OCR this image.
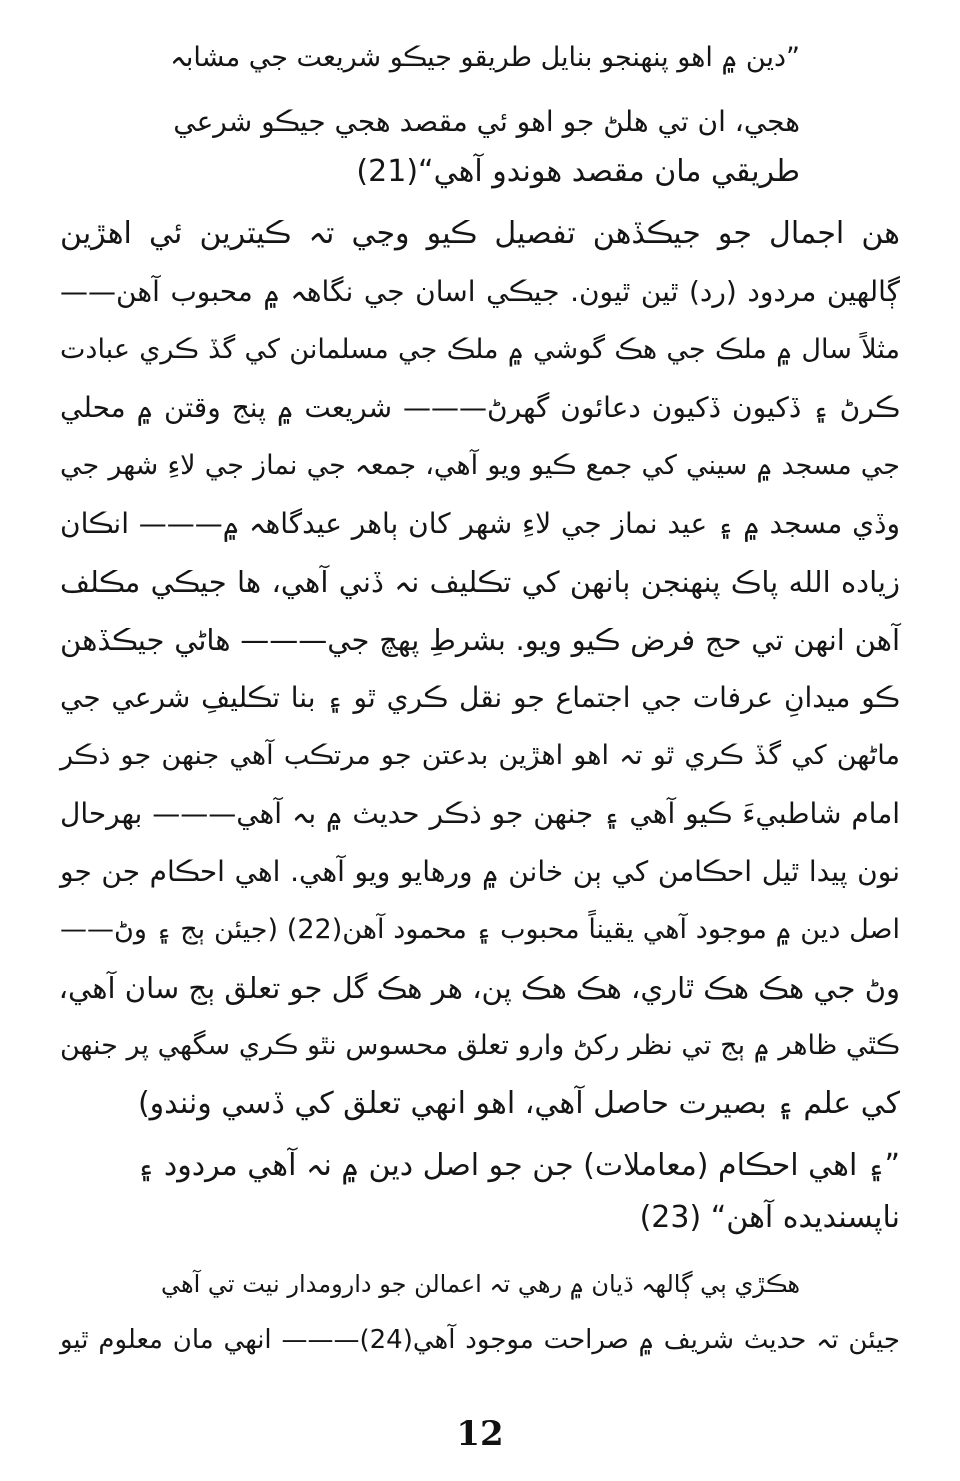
”دين ۾ اهو پنهنجو بنايل طريقو جيڪو شريعت جي مشابہ
هجي، ان تي هلڻ جو اهو ئي مقصد هجي جيڪو شرعي
طريقي مان مقصد هوندو آهي“(21)
هن اجمال جو جيڪڏهن تفصيل ڪيو وڃي تہ ڪيترين ئي اهڙين
ڳالهين مردود (رد) ٿين ٿيون. جيڪي اسان جي نگاهہ ۾ محبوب آهن——
مثلاً سال ۾ ملڪ جي هڪ گوشي ۾ ملڪ جي مسلمانن کي گڏ ڪري عبادت
ڪرڻ ۽ ڏکيون ڏکيون دعائون گهرڻ——— شريعت ۾ پنج وقتن ۾ محلي
جي مسجد ۾ سيني کي جمع ڪيو ويو آهي، جمعہ جي نماز جي لاءِ شهر جي
وڏي مسجد ۾ ۽ عيد نماز جي لاءِ شهر کان ٻاهر عيدگاهہ ۾——— انڪان
زياده الله پاڪ پنهنجن ٻانهن کي تڪليف نہ ڏني آهي، ها جيڪي مڪلف
آهن انهن تي حج فرض ڪيو ويو. بشرطِ پهچ جي——— هاڻي جيڪڏهن
ڪو ميدانِ عرفات جي اجتماع جو نقل ڪري ٿو ۽ بنا تڪليفِ شرعي جي
ماڻهن کي گڏ ڪري ٿو تہ اهو اهڙين بدعتن جو مرتڪب آهي جنهن جو ذڪر
امام شاطبيءَ ڪيو آهي ۽ جنهن جو ذڪر حديث ۾ بہ آهي——— بهرحال
نون پيدا ٿيل احڪامن کي ٻن خانن ۾ ورهايو ويو آهي. اهي احڪام جن جو
اصل دين ۾ موجود آهي يقيناً محبوب ۽ محمود آهن(22) (جيئن ٻج ۽ وڻ——
وڻ جي هڪ هڪ ٿاري، هڪ هڪ پن، هر هڪ گل جو تعلق ٻج سان آهي،
ڪٿي ظاهر ۾ ٻج تي نظر رکڻ وارو تعلق محسوس نٿو ڪري سگهي پر جنهن
کي علم ۽ بصيرت حاصل آهي، اهو انهي تعلق کي ڏسي وٺندو)
”۽ اهي احڪام (معاملات) جن جو اصل دين ۾ نہ آهي مردود ۽
ناپسنديده آهن“ (23)
هڪڙي ٻي ڳالهہ ڌيان ۾ رهي تہ اعمالن جو دارومدار نيت تي آهي
جيئن تہ حديث شريف ۾ صراحت موجود آهي(24)——— انهي مان معلوم ٿيو
12
